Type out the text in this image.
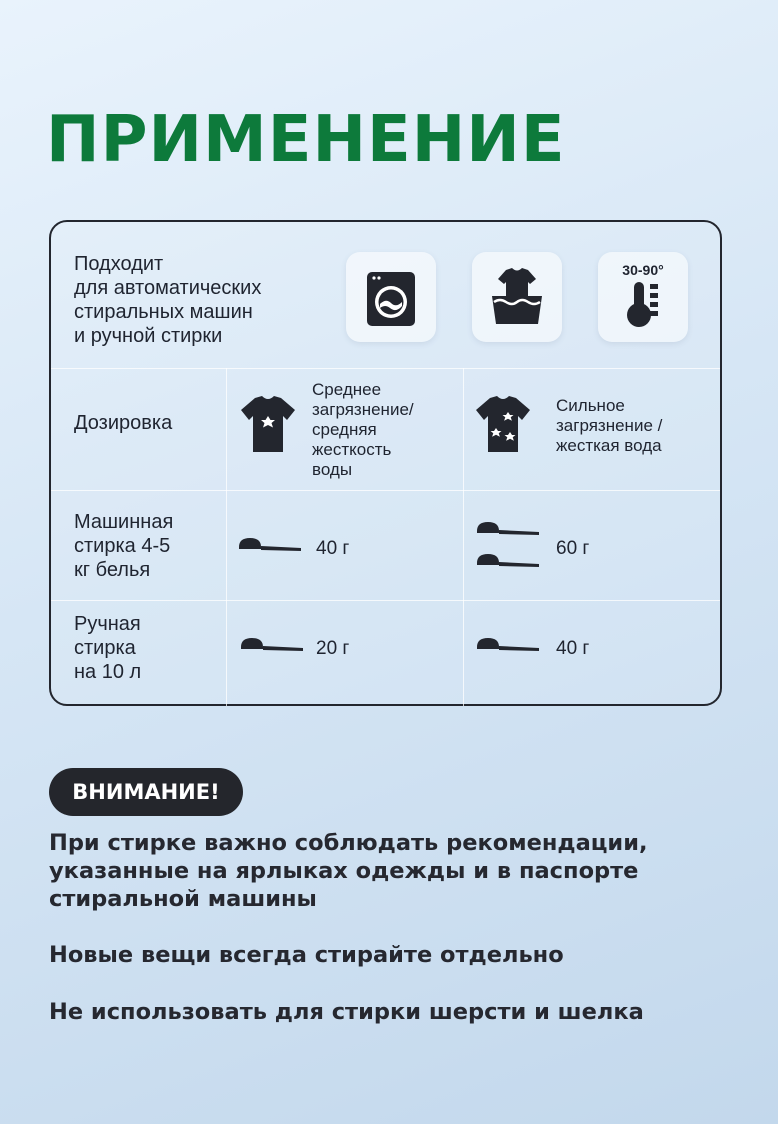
ПРИМЕНЕНИЕ
Подходит
для автоматических
стиральных машин
и ручной стирки
30-90°
Дозировка
Среднее
загрязнение/
средняя
жесткость
воды
Сильное
загрязнение /
жесткая вода
Машинная
стирка 4-5
кг белья
40 г	60 г
Ручная
стирка
на 10 л
20 г	40 г
ВНИМАНИЕ!
При стирке важно соблюдать рекомендации,
указанные на ярлыках одежды и в паспорте
стиральной машины
Новые вещи всегда стирайте отдельно
Не использовать для стирки шерсти и шелка
